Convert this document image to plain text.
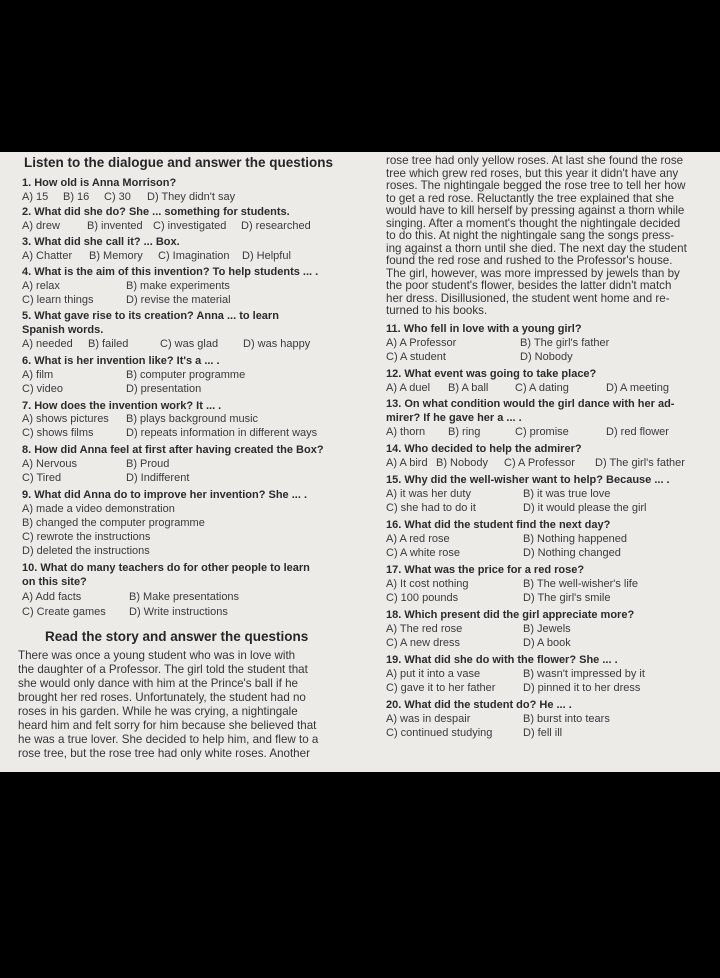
Listen to the dialogue and answer the questions
1. How old is Anna Morrison?
A) 15 B) 16 C) 30 D) They didn't say
2. What did she do? She ... something for students.
A) drew B) invented C) investigated D) researched
3. What did she call it? ... Box.
A) Chatter B) Memory C) Imagination D) Helpful
4. What is the aim of this invention? To help students ... .
A) relax	B) make experiments
C) learn things	D) revise the material
5. What gave rise to its creation? Anna ... to learn
Spanish words.
A) needed B) failed	C) was glad D) was happy
6. What is her invention like? It's a ... .
A) film	B) computer programme
C) video	D) presentation
7. How does the invention work? It ... .
A) shows pictures B) plays background music
C) shows films	D) repeats information in different ways
8. How did Anna feel at first after having created the Box?
A) Nervous	B) Proud
C) Tired	D) Indifferent
9. What did Anna do to improve her invention? She ... .
A) made a video demonstration
B) changed the computer programme
C) rewrote the instructions
D) deleted the instructions
10. What do many teachers do for other people to learn
on this site?
A) Add facts	B) Make presentations
C) Create games D) Write instructions
Read the story and answer the questions
There was once a young student who was in love with
the daughter of a Professor. The girl told the student that
she would only dance with him at the Prince's ball if he
brought her red roses. Unfortunately, the student had no
roses in his garden. While he was crying, a nightingale
heard him and felt sorry for him because she believed that
he was a true lover. She decided to help him, and flew to a
rose tree, but the rose tree had only white roses. Another
rose tree had only yellow roses. At last she found the rose
tree which grew red roses, but this year it didn't have any
roses. The nightingale begged the rose tree to tell her how
to get a red rose. Reluctantly the tree explained that she
would have to kill herself by pressing against a thorn while
singing. After a moment's thought the nightingale decided
to do this. At night the nightingale sang the songs press-
ing against a thorn until she died. The next day the student
found the red rose and rushed to the Professor's house.
The girl, however, was more impressed by jewels than by
the poor student's flower, besides the latter didn't match
her dress. Disillusioned, the student went home and re-
turned to his books.
11. Who fell in love with a young girl?
A) A Professor	B) The girl's father
C) A student	D) Nobody
12. What event was going to take place?
A) A duel B) A ball C) A dating	D) A meeting
13. On what condition would the girl dance with her ad-
mirer? If he gave her a ... .
A) thorn B) ring	C) promise	D) red flower
14. Who decided to help the admirer?
A) A bird B) Nobody C) A Professor D) The girl's father
15. Why did the well-wisher want to help? Because ... .
A) it was her duty	B) it was true love
C) she had to do it	D) it would please the girl
16. What did the student find the next day?
A) A red rose	B) Nothing happened
C) A white rose	D) Nothing changed
17. What was the price for a red rose?
A) It cost nothing	B) The well-wisher's life
C) 100 pounds	D) The girl's smile
18. Which present did the girl appreciate more?
A) The red rose	B) Jewels
C) A new dress	D) A book
19. What did she do with the flower? She ... .
A) put it into a vase	B) wasn't impressed by it
C) gave it to her father	D) pinned it to her dress
20. What did the student do? He ... .
A) was in despair	B) burst into tears
C) continued studying	D) fell ill
